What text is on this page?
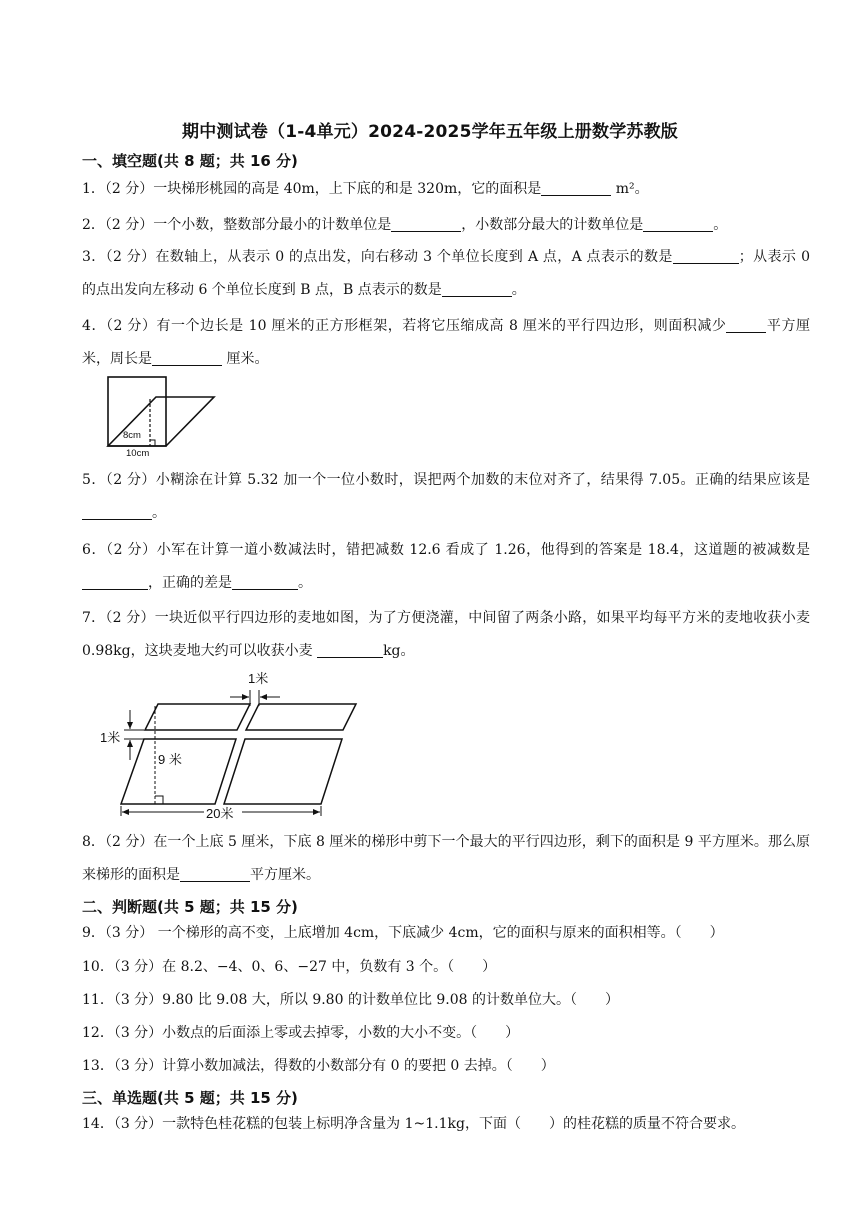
期中测试卷（1-4单元）2024-2025学年五年级上册数学苏教版
一、填空题(共 8 题；共 16 分)
1．（2 分）一块梯形桃园的高是 40m，上下底的和是 320m，它的面积是	m²。
2．（2 分）一个小数，整数部分最小的计数单位是	，小数部分最大的计数单位是	。
3．（2 分）在数轴上，从表示 0 的点出发，向右移动 3 个单位长度到 A 点，A 点表示的数是	；从表示 0 的点出发向左移动 6 个单位长度到 B 点，B 点表示的数是	。
4．（2 分）有一个边长是 10 厘米的正方形框架，若将它压缩成高 8 厘米的平行四边形，则面积减少	平方厘米，周长是	厘米。
8cm
10cm
5．（2 分）小糊涂在计算 5.32 加一个一位小数时，误把两个加数的末位对齐了，结果得 7.05。正确的结果应该是。
6．（2 分）小军在计算一道小数减法时，错把减数 12.6 看成了 1.26，他得到的答案是 18.4，这道题的被减数是，正确的差是	。
7．（2 分）一块近似平行四边形的麦地如图，为了方便浇灌，中间留了两条小路，如果平均每平方米的麦地收获小麦 0.98kg，这块麦地大约可以收获小麦	kg。
1米
1米
9 米
20米
8．（2 分）在一个上底 5 厘米，下底 8 厘米的梯形中剪下一个最大的平行四边形，剩下的面积是 9 平方厘米。那么原来梯形的面积是	平方厘米。
二、判断题(共 5 题；共 15 分)
9．（3 分） 一个梯形的高不变，上底增加 4cm，下底减少 4cm，它的面积与原来的面积相等。（　　）
10．（3 分）在 8.2、−4、0、6、−27 中，负数有 3 个。（　　）
11．（3 分）9.80 比 9.08 大，所以 9.80 的计数单位比 9.08 的计数单位大。（　　）
12．（3 分）小数点的后面添上零或去掉零，小数的大小不变。（　　）
13．（3 分）计算小数加减法，得数的小数部分有 0 的要把 0 去掉。（　　）
三、单选题(共 5 题；共 15 分)
14．（3 分）一款特色桂花糕的包装上标明净含量为 1~1.1kg，下面（　　）的桂花糕的质量不符合要求。
